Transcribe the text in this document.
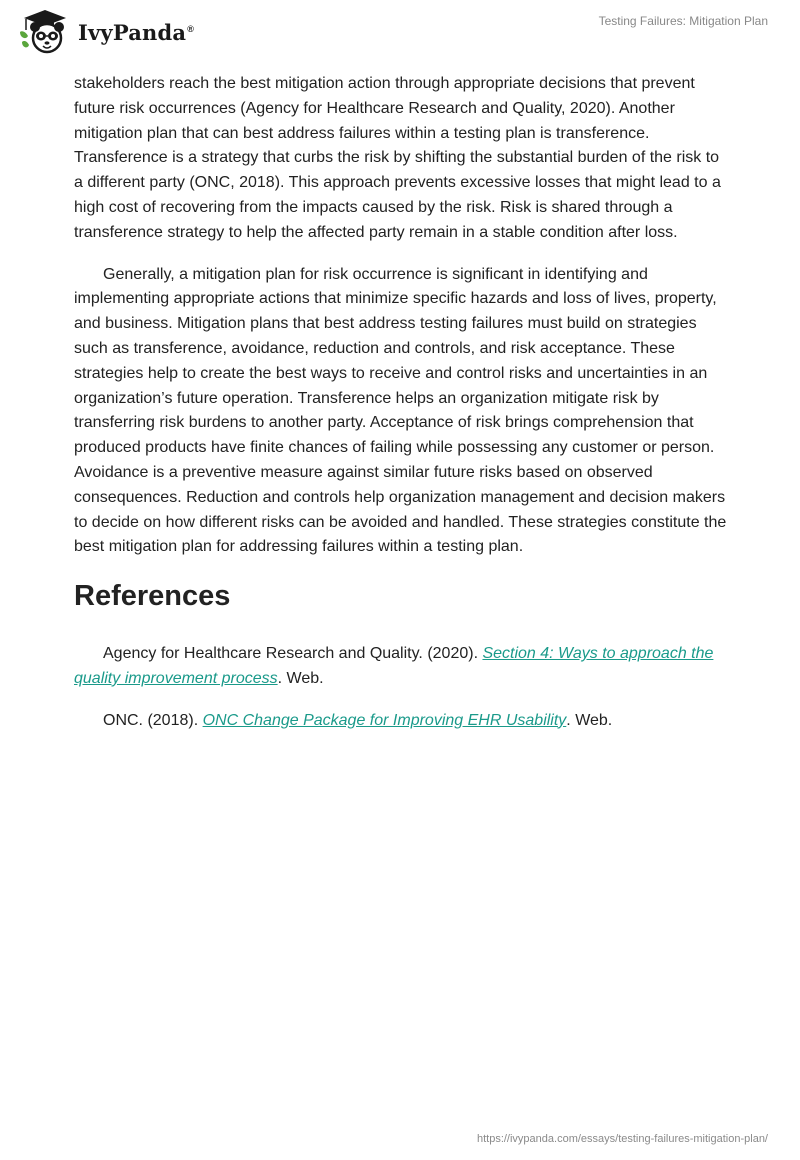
IvyPanda®
Testing Failures: Mitigation Plan

stakeholders reach the best mitigation action through appropriate decisions that prevent future risk occurrences (Agency for Healthcare Research and Quality, 2020). Another mitigation plan that can best address failures within a testing plan is transference. Transference is a strategy that curbs the risk by shifting the substantial burden of the risk to a different party (ONC, 2018). This approach prevents excessive losses that might lead to a high cost of recovering from the impacts caused by the risk. Risk is shared through a transference strategy to help the affected party remain in a stable condition after loss.

Generally, a mitigation plan for risk occurrence is significant in identifying and implementing appropriate actions that minimize specific hazards and loss of lives, property, and business. Mitigation plans that best address testing failures must build on strategies such as transference, avoidance, reduction and controls, and risk acceptance. These strategies help to create the best ways to receive and control risks and uncertainties in an organization’s future operation. Transference helps an organization mitigate risk by transferring risk burdens to another party. Acceptance of risk brings comprehension that produced products have finite chances of failing while possessing any customer or person. Avoidance is a preventive measure against similar future risks based on observed consequences. Reduction and controls help organization management and decision makers to decide on how different risks can be avoided and handled. These strategies constitute the best mitigation plan for addressing failures within a testing plan.

References

Agency for Healthcare Research and Quality. (2020). Section 4: Ways to approach the quality improvement process. Web.

ONC. (2018). ONC Change Package for Improving EHR Usability. Web.

https://ivypanda.com/essays/testing-failures-mitigation-plan/
